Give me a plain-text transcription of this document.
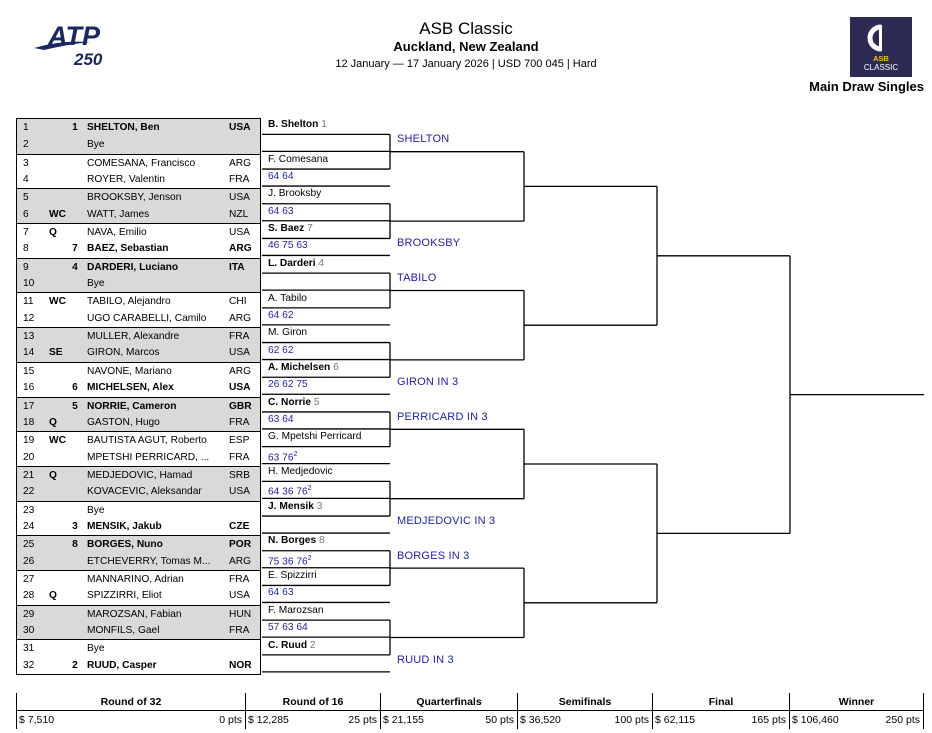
ATP
250	ASB
CLASSIC
ASB Classic
Auckland, New Zealand
12 January — 17 January 2026 | USD 700 045 | Hard
Main Draw Singles
1	1 SHELTON, Ben	USA
2	Bye
3	COMESANA, Francisco	ARG
4	ROYER, Valentin	FRA
5	BROOKSBY, Jenson	USA
6	WC	WATT, James	NZL
7	Q	NAVA, Emilio	USA
8	7 BAEZ, Sebastian	ARG
9	4 DARDERI, Luciano	ITA
10	Bye
11	WC	TABILO, Alejandro	CHI
12	UGO CARABELLI, Camilo	ARG
13	MULLER, Alexandre	FRA
14	SE	GIRON, Marcos	USA
15	NAVONE, Mariano	ARG
16	6 MICHELSEN, Alex	USA
17	5 NORRIE, Cameron	GBR
18	Q	GASTON, Hugo	FRA
19	WC	BAUTISTA AGUT, Roberto	ESP
20	MPETSHI PERRICARD, ...	FRA
21	Q	MEDJEDOVIC, Hamad	SRB
22	KOVACEVIC, Aleksandar	USA
23	Bye
24	3 MENSIK, Jakub	CZE
25	8 BORGES, Nuno	POR
26	ETCHEVERRY, Tomas M...	ARG
27	MANNARINO, Adrian	FRA
28	Q	SPIZZIRRI, Eliot	USA
29	MAROZSAN, Fabian	HUN
30	MONFILS, Gael	FRA
31	Bye
32	2 RUUD, Casper	NOR
B. Shelton 1
F. Comesana
64 64
J. Brooksby
64 63
S. Baez 7
46 75 63
L. Darderi 4
A. Tabilo
64 62
M. Giron
62 62
A. Michelsen 6
26 62 75
C. Norrie 5
63 64
G. Mpetshi Perricard
63 $76^2$
H. Medjedovic
64 36 $76^2$
J. Mensik 3
N. Borges 8
75 36 $76^2$
E. Spizzirri
64 63
F. Marozsan
57 63 64
C. Ruud 2
SHELTON
BROOKSBY
TABILO
GIRON IN 3
PERRICARD IN 3
MEDJEDOVIC IN 3
BORGES IN 3
RUUD IN 3
Round of 32
$ 7,510	0 pts
Round of 16
$ 12,285	25 pts
Quarterfinals
$ 21,155	50 pts
Semifinals
$ 36,520	100 pts
Final
$ 62,115	165 pts
Winner
$ 106,460	250 pts
